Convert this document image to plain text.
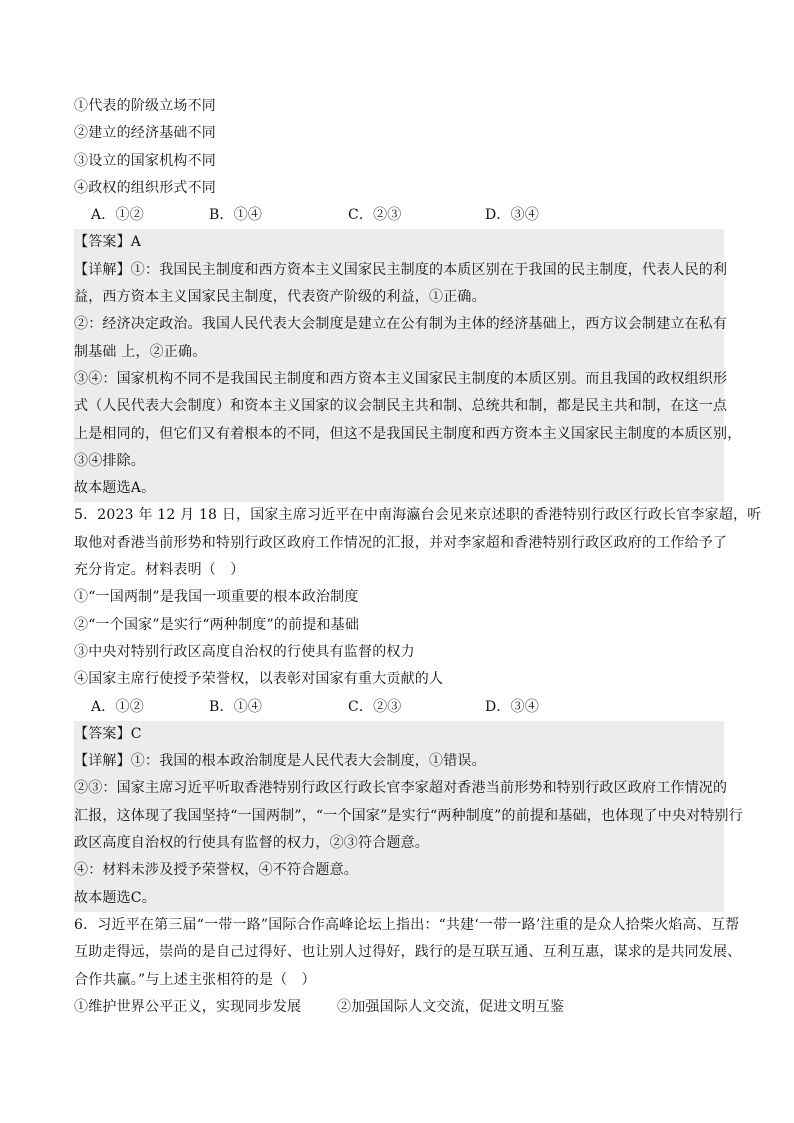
①代表的阶级立场不同
②建立的经济基础不同
③设立的国家机构不同
④政权的组织形式不同
A．①②	B．①④	C．②③	D．③④
【答案】A
【详解】①：我国民主制度和西方资本主义国家民主制度的本质区别在于我国的民主制度，代表人民的利
益，西方资本主义国家民主制度，代表资产阶级的利益，①正确。
②：经济决定政治。我国人民代表大会制度是建立在公有制为主体的经济基础上，西方议会制建立在私有
制基础 上，②正确。
③④：国家机构不同不是我国民主制度和西方资本主义国家民主制度的本质区别。而且我国的政权组织形
式（人民代表大会制度）和资本主义国家的议会制民主共和制、总统共和制，都是民主共和制，在这一点
上是相同的，但它们又有着根本的不同，但这不是我国民主制度和西方资本主义国家民主制度的本质区别，
③④排除。
故本题选A。
5．2023 年 12 月 18 日，国家主席习近平在中南海瀛台会见来京述职的香港特别行政区行政长官李家超，听
取他对香港当前形势和特别行政区政府工作情况的汇报，并对李家超和香港特别行政区政府的工作给予了
充分肯定。材料表明（　）
①“一国两制”是我国一项重要的根本政治制度
②“一个国家”是实行“两种制度”的前提和基础
③中央对特别行政区高度自治权的行使具有监督的权力
④国家主席行使授予荣誉权，以表彰对国家有重大贡献的人
A．①②	B．①④	C．②③	D．③④
【答案】C
【详解】①：我国的根本政治制度是人民代表大会制度，①错误。
②③：国家主席习近平听取香港特别行政区行政长官李家超对香港当前形势和特别行政区政府工作情况的
汇报，这体现了我国坚持“一国两制”，“一个国家”是实行“两种制度”的前提和基础，也体现了中央对特别行
政区高度自治权的行使具有监督的权力，②③符合题意。
④：材料未涉及授予荣誉权，④不符合题意。
故本题选C。
6．习近平在第三届“一带一路”国际合作高峰论坛上指出：“共建‘一带一路’注重的是众人拾柴火焰高、互帮
互助走得远，崇尚的是自己过得好、也让别人过得好，践行的是互联互通、互利互惠，谋求的是共同发展、
合作共赢。”与上述主张相符的是（　）
①维护世界公平正义，实现同步发展	②加强国际人文交流，促进文明互鉴
